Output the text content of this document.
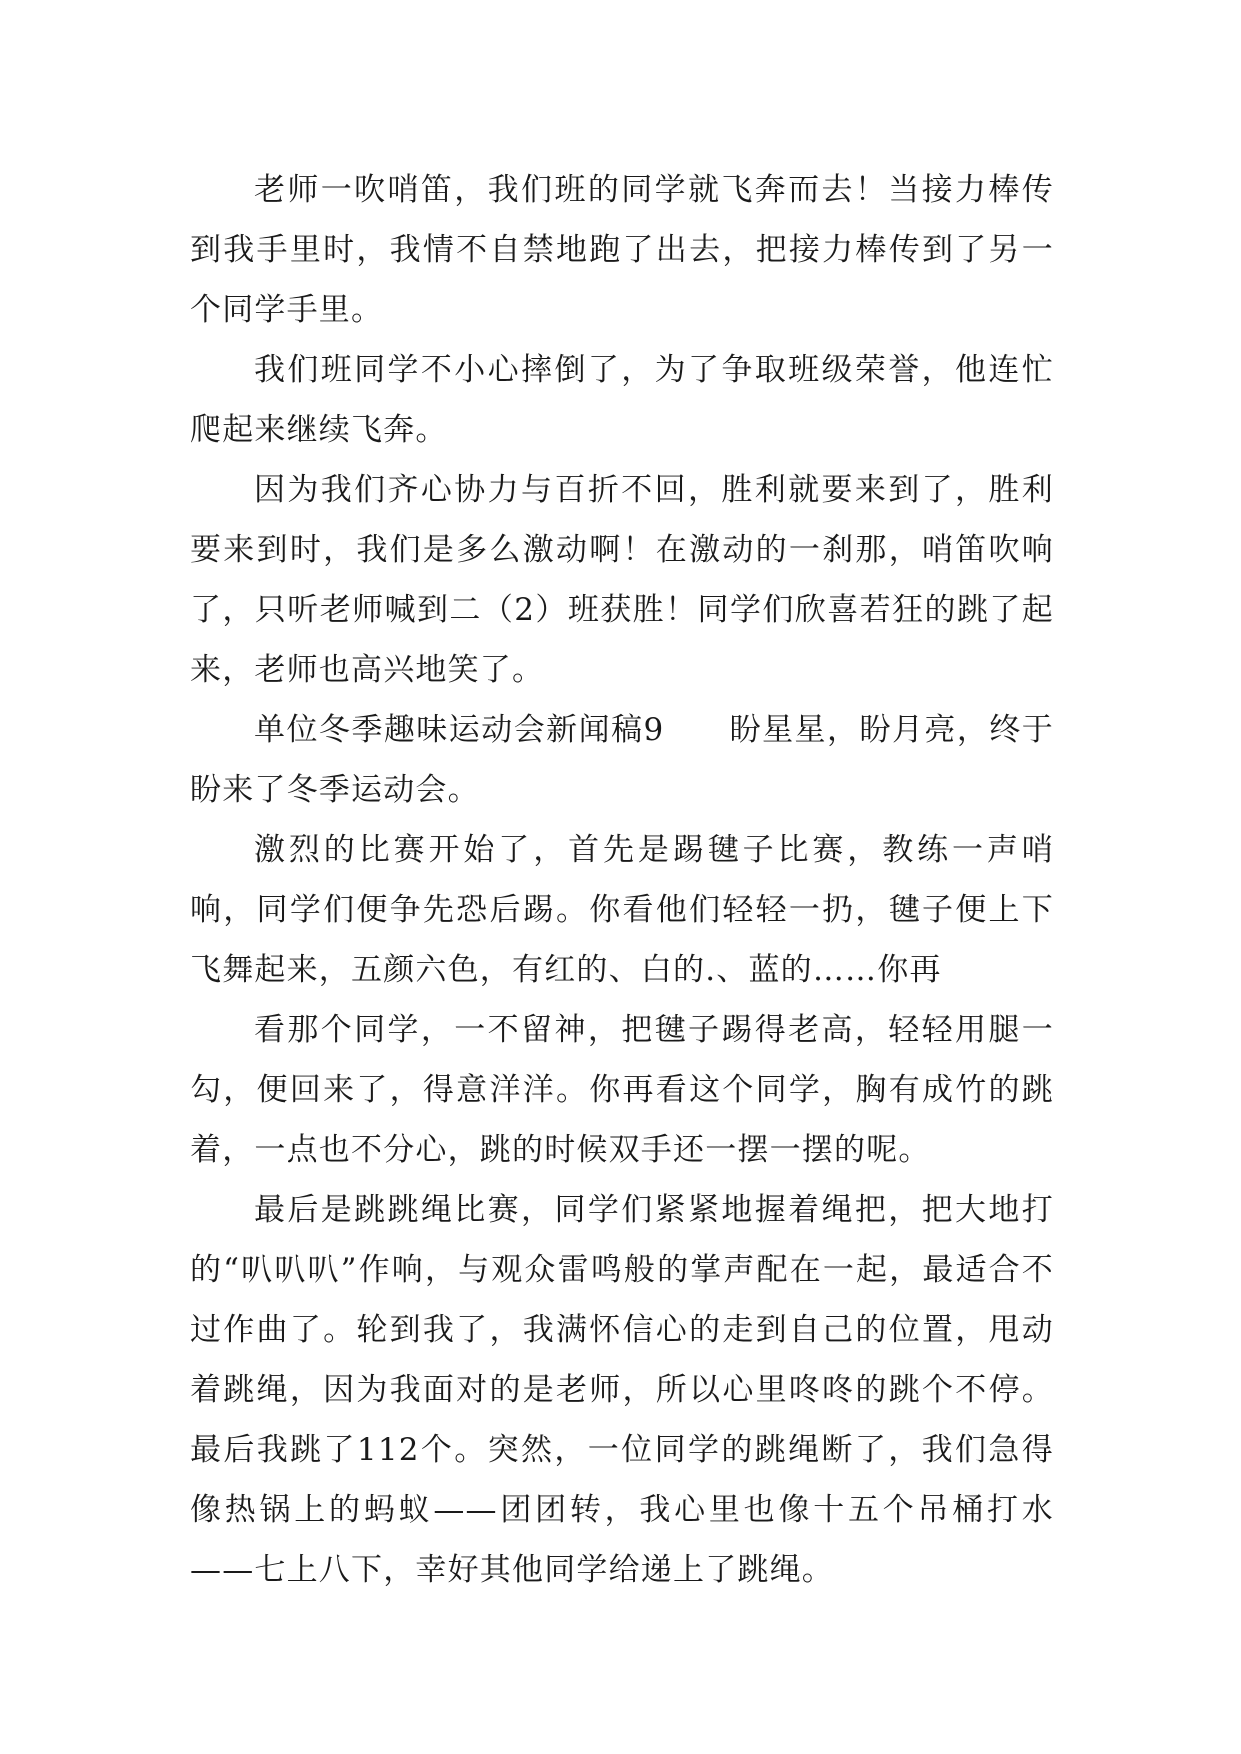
老师一吹哨笛，我们班的同学就飞奔而去！当接力棒传到我手里时，我情不自禁地跑了出去，把接力棒传到了另一个同学手里。

我们班同学不小心摔倒了，为了争取班级荣誉，他连忙爬起来继续飞奔。

因为我们齐心协力与百折不回，胜利就要来到了，胜利要来到时，我们是多么激动啊！在激动的一刹那，哨笛吹响了，只听老师喊到二（2）班获胜！同学们欣喜若狂的跳了起来，老师也高兴地笑了。

单位冬季趣味运动会新闻稿9　　盼星星，盼月亮，终于盼来了冬季运动会。

激烈的比赛开始了，首先是踢毽子比赛，教练一声哨响，同学们便争先恐后踢。你看他们轻轻一扔，毽子便上下飞舞起来，五颜六色，有红的、白的.、蓝的……你再

看那个同学，一不留神，把毽子踢得老高，轻轻用腿一勾，便回来了，得意洋洋。你再看这个同学，胸有成竹的跳着，一点也不分心，跳的时候双手还一摆一摆的呢。

最后是跳跳绳比赛，同学们紧紧地握着绳把，把大地打的“叭叭叭”作响，与观众雷鸣般的掌声配在一起，最适合不过作曲了。轮到我了，我满怀信心的走到自己的位置，甩动着跳绳，因为我面对的是老师，所以心里咚咚的跳个不停。最后我跳了112个。突然，一位同学的跳绳断了，我们急得像热锅上的蚂蚁——团团转，我心里也像十五个吊桶打水——七上八下，幸好其他同学给递上了跳绳。
